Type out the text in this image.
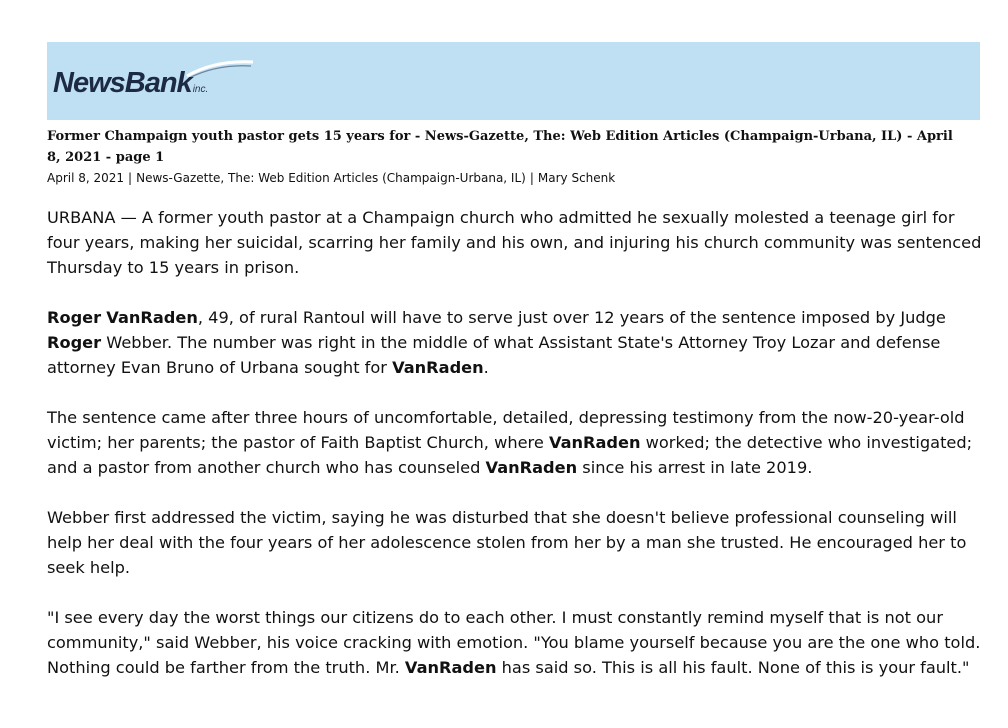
NewsBankinc.
Former Champaign youth pastor gets 15 years for - News-Gazette, The: Web Edition Articles (Champaign-Urbana, IL) - April 8, 2021 - page 1
April 8, 2021 | News-Gazette, The: Web Edition Articles (Champaign-Urbana, IL) | Mary Schenk

URBANA — A former youth pastor at a Champaign church who admitted he sexually molested a teenage girl for four years, making her suicidal, scarring her family and his own, and injuring his church community was sentenced Thursday to 15 years in prison.

Roger VanRaden, 49, of rural Rantoul will have to serve just over 12 years of the sentence imposed by Judge Roger Webber. The number was right in the middle of what Assistant State's Attorney Troy Lozar and defense attorney Evan Bruno of Urbana sought for VanRaden.

The sentence came after three hours of uncomfortable, detailed, depressing testimony from the now-20-year-old victim; her parents; the pastor of Faith Baptist Church, where VanRaden worked; the detective who investigated; and a pastor from another church who has counseled VanRaden since his arrest in late 2019.

Webber first addressed the victim, saying he was disturbed that she doesn't believe professional counseling will help her deal with the four years of her adolescence stolen from her by a man she trusted. He encouraged her to seek help.

"I see every day the worst things our citizens do to each other. I must constantly remind myself that is not our community," said Webber, his voice cracking with emotion. "You blame yourself because you are the one who told. Nothing could be farther from the truth. Mr. VanRaden has said so. This is all his fault. None of this is your fault."
